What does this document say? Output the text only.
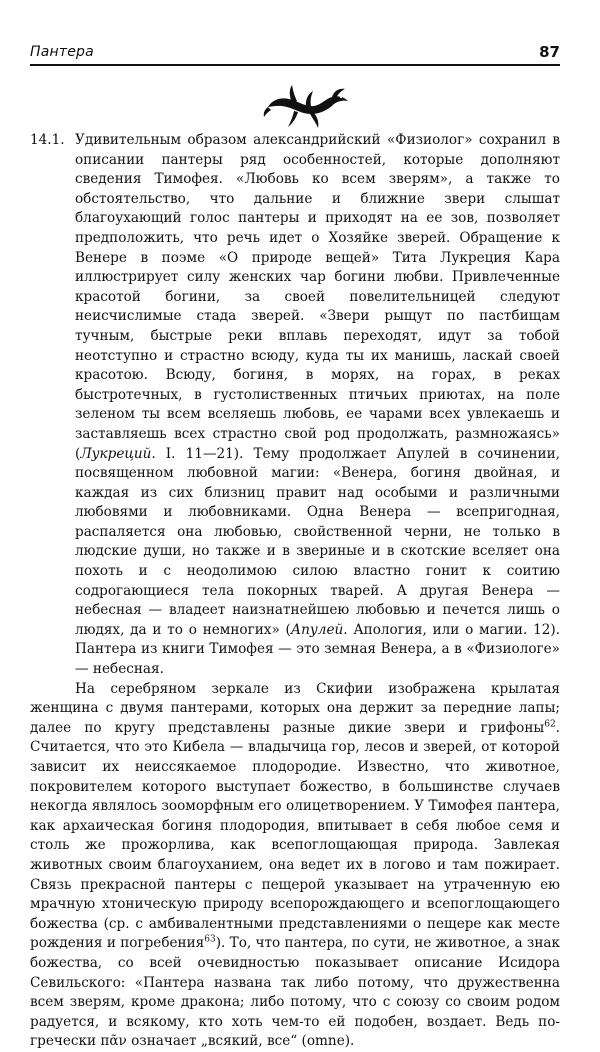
Пантера	87

14.1. Удивительным образом александрийский «Физиолог» сохранил в описании пантеры ряд особенностей, которые дополняют сведения Тимофея. «Любовь ко всем зверям», а также то обстоятельство, что дальние и ближние звери слышат благоухающий голос пантеры и приходят на ее зов, позволяет предположить, что речь идет о Хозяйке зверей. Обращение к Венере в поэме «О природе вещей» Тита Лукреция Кара иллюстрирует силу женских чар богини любви. Привлеченные красотой богини, за своей повелительницей следуют неисчислимые стада зверей. «Звери рыщут по пастбищам тучным, быстрые реки вплавь переходят, идут за тобой неотступно и страстно всюду, куда ты их манишь, ласкай своей красотою. Всюду, богиня, в морях, на горах, в реках быстротечных, в густолиственных птичьих приютах, на поле зеленом ты всем вселяешь любовь, ее чарами всех увлекаешь и заставляешь всех страстно свой род продолжать, размножаясь» (Лукреций. I. 11—21). Тему продолжает Апулей в сочинении, посвященном любовной магии: «Венера, богиня двойная, и каждая из сих близниц правит над особыми и различными любовями и любовниками. Одна Венера — всепригодная, распаляется она любовью, свойственной черни, не только в людские души, но также и в звериные и в скотские вселяет она похоть и с неодолимою силою властно гонит к соитию содрогающиеся тела покорных тварей. А другая Венера — небесная — владеет наизнатнейшею любовью и печется лишь о людях, да и то о немногих» (Апулей. Апология, или о магии. 12). Пантера из книги Тимофея — это земная Венера, а в «Физиологе» — небесная.

На серебряном зеркале из Скифии изображена крылатая женщина с двумя пантерами, которых она держит за передние лапы; далее по кругу представлены разные дикие звери и грифоны$^{62}$. Считается, что это Кибела — владычица гор, лесов и зверей, от которой зависит их неиссякаемое плодородие. Известно, что животное, покровителем которого выступает божество, в большинстве случаев некогда являлось зооморфным его олицетворением. У Тимофея пантера, как архаическая богиня плодородия, впитывает в себя любое семя и столь же прожорлива, как всепоглощающая природа. Завлекая животных своим благоуханием, она ведет их в логово и там пожирает. Связь прекрасной пантеры с пещерой указывает на утраченную ею мрачную хтоническую природу всепорождающего и всепоглощающего божества (ср. с амбивалентными представлениями о пещере как месте рождения и погребения$^{63}$). То, что пантера, по сути, не животное, а знак божества, со всей очевидностью показывает описание Исидора Севильского: «Пантера названа так либо потому, что дружественна всем зверям, кроме дракона; либо потому, что с союзу со своим родом радуется, и всякому, кто хоть чем-то ей подобен, воздает. Ведь по-гречески πᾶν означает „всякий, все“ (omne).
